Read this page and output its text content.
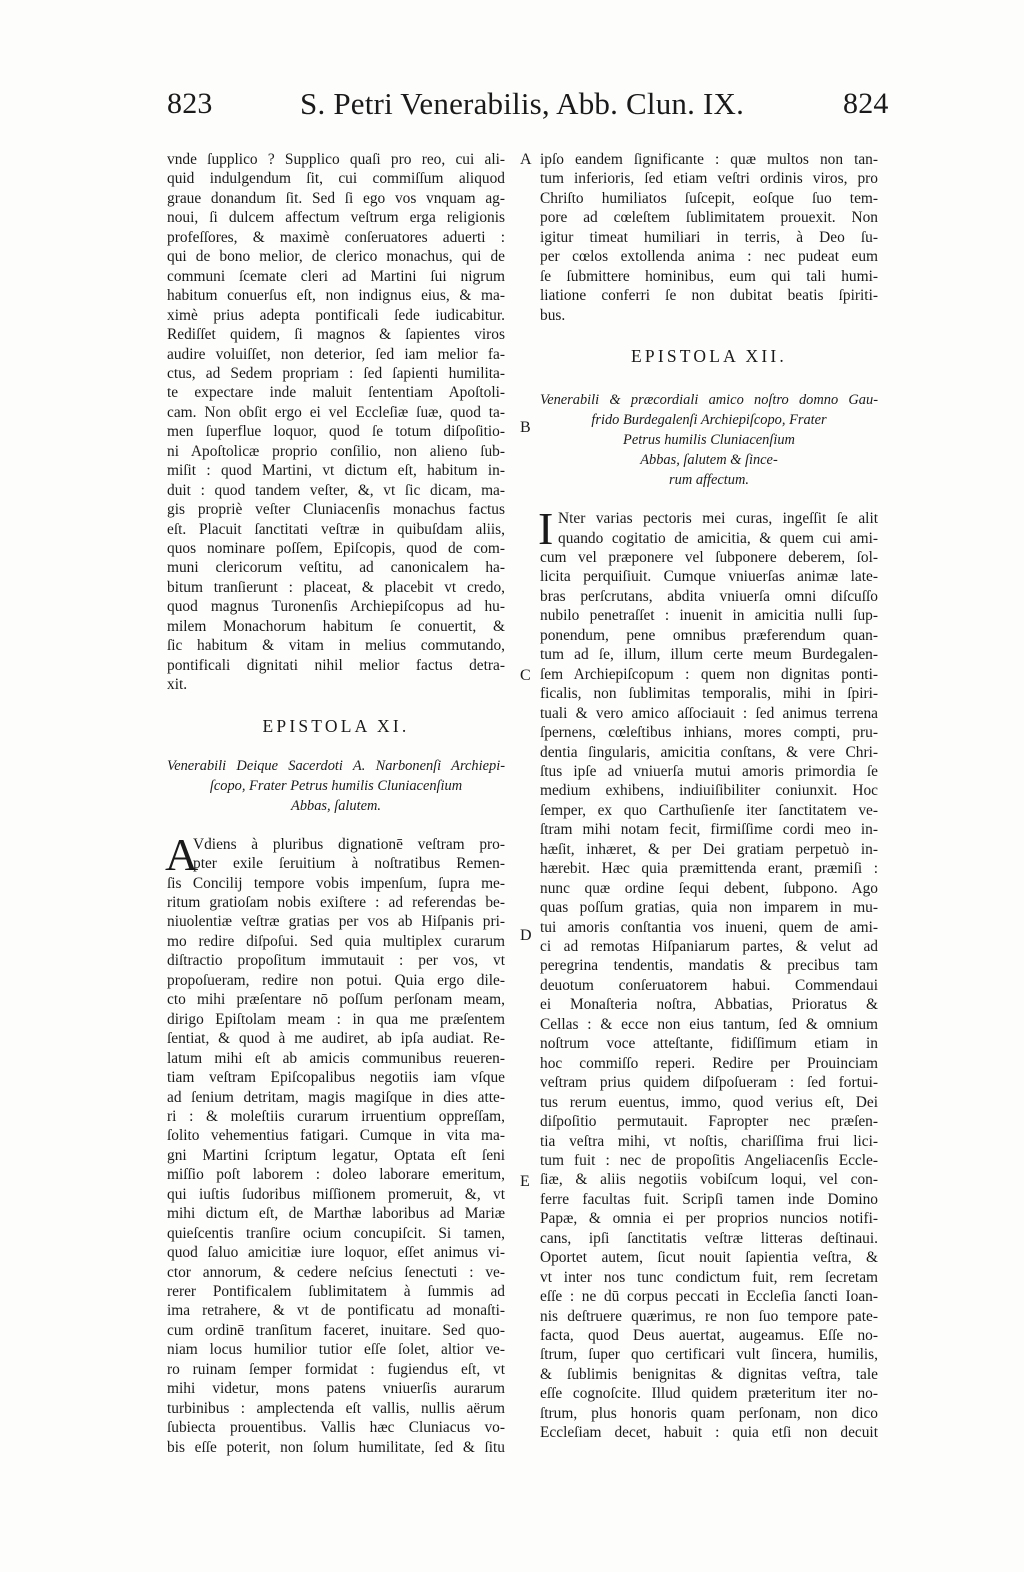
823	S. Petri Venerabilis, Abb. Clun. IX.	824
A
B
C
D
E
vnde ſupplico ? Supplico quaſi pro reo, cui ali-
quid indulgendum ſit, cui commiſſum aliquod
graue donandum ſit. Sed ſi ego vos vnquam ag-
noui, ſi dulcem affectum veſtrum erga religionis
profeſſores, & maximè conſeruatores aduerti :
qui de bono melior, de clerico monachus, qui de
communi ſcemate cleri ad Martini ſui nigrum
habitum conuerſus eſt, non indignus eius, & ma-
ximè prius adepta pontificali ſede iudicabitur.
Rediſſet quidem, ſi magnos & ſapientes viros
audire voluiſſet, non deterior, ſed iam melior fa-
ctus, ad Sedem propriam : ſed ſapienti humilita-
te expectare inde maluit ſententiam Apoſtoli-
cam. Non obſit ergo ei vel Eccleſiæ ſuæ, quod ta-
men ſuperflue loquor, quod ſe totum diſpoſitio-
ni Apoſtolicæ proprio conſilio, non alieno ſub-
miſit : quod Martini, vt dictum eſt, habitum in-
duit : quod tandem veſter, &, vt ſic dicam, ma-
gis propriè veſter Cluniacenſis monachus factus
eſt. Placuit ſanctitati veſtræ in quibuſdam aliis,
quos nominare poſſem, Epiſcopis, quod de com-
muni clericorum veſtitu, ad canonicalem ha-
bitum tranſierunt : placeat, & placebit vt credo,
quod magnus Turonenſis Archiepiſcopus ad hu-
milem Monachorum habitum ſe conuertit, &
ſic habitum & vitam in melius commutando,
pontificali dignitati nihil melior factus detra-
xit.
EPISTOLA XI.
Venerabili Deique Sacerdoti A. Narbonenſi Archiepi-
ſcopo, Frater Petrus humilis Cluniacenſium
Abbas, ſalutem.
A
Vdiens à pluribus dignationē veſtram pro-
pter exile ſeruitium à noſtratibus Remen-
ſis Concilij tempore vobis impenſum, ſupra me-
ritum gratioſam nobis exiſtere : ad referendas be-
niuolentiæ veſtræ gratias per vos ab Hiſpanis pri-
mo redire diſpoſui. Sed quia multiplex curarum
diſtractio propoſitum immutauit : per vos, vt
propoſueram, redire non potui. Quia ergo dile-
cto mihi præſentare nō poſſum perſonam meam,
dirigo Epiſtolam meam : in qua me præſentem
ſentiat, & quod à me audiret, ab ipſa audiat. Re-
latum mihi eſt ab amicis communibus reueren-
tiam veſtram Epiſcopalibus negotiis iam vſque
ad ſenium detritam, magis magiſque in dies atte-
ri : & moleſtiis curarum irruentium oppreſſam,
ſolito vehementius fatigari. Cumque in vita ma-
gni Martini ſcriptum legatur, Optata eſt ſeni
miſſio poſt laborem : doleo laborare emeritum,
qui iuſtis ſudoribus miſſionem promeruit, &, vt
mihi dictum eſt, de Marthæ laboribus ad Mariæ
quieſcentis tranſire ocium concupiſcit. Si tamen,
quod ſaluo amicitiæ iure loquor, eſſet animus vi-
ctor annorum, & cedere neſcius ſenectuti : ve-
rerer Pontificalem ſublimitatem à ſummis ad
ima retrahere, & vt de pontificatu ad monaſti-
cum ordinē tranſitum faceret, inuitare. Sed quo-
niam locus humilior tutior eſſe ſolet, altior ve-
ro ruinam ſemper formidat : fugiendus eſt, vt
mihi videtur, mons patens vniuerſis aurarum
turbinibus : amplectenda eſt vallis, nullis aërum
ſubiecta prouentibus. Vallis hæc Cluniacus vo-
bis eſſe poterit, non ſolum humilitate, ſed & ſitu
ipſo eandem ſignificante : quæ multos non tan-
tum inferioris, ſed etiam veſtri ordinis viros, pro
Chriſto humiliatos ſuſcepit, eoſque ſuo tem-
pore ad cœleſtem ſublimitatem prouexit. Non
igitur timeat humiliari in terris, à Deo ſu-
per cœlos extollenda anima : nec pudeat eum
ſe ſubmittere hominibus, eum qui tali humi-
liatione conferri ſe non dubitat beatis ſpiriti-
bus.
EPISTOLA XII.
Venerabili & præcordiali amico noſtro domno Gau-
frido Burdegalenſi Archiepiſcopo, Frater
Petrus humilis Cluniacenſium
Abbas, ſalutem & ſince-
rum affectum.
I Nter varias pectoris mei curas, ingeſſit ſe alit
quando cogitatio de amicitia, & quem cui ami-
cum vel præponere vel ſubponere deberem, ſol-
licita perquiſiuit. Cumque vniuerſas animæ late-
bras perſcrutans, abdita vniuerſa omni diſcuſſo
nubilo penetraſſet : inuenit in amicitia nulli ſup-
ponendum, pene omnibus præferendum quan-
tum ad ſe, illum, illum certe meum Burdegalen-
ſem Archiepiſcopum : quem non dignitas ponti-
ficalis, non ſublimitas temporalis, mihi in ſpiri-
tuali & vero amico aſſociauit : ſed animus terrena
ſpernens, cœleſtibus inhians, mores compti, pru-
dentia ſingularis, amicitia conſtans, & vere Chri-
ſtus ipſe ad vniuerſa mutui amoris primordia ſe
medium exhibens, indiuiſibiliter coniunxit. Hoc
ſemper, ex quo Carthuſienſe iter ſanctitatem ve-
ſtram mihi notam fecit, firmiſſime cordi meo in-
hæſit, inhæret, & per Dei gratiam perpetuò in-
hærebit. Hæc quia præmittenda erant, præmiſi :
nunc quæ ordine ſequi debent, ſubpono. Ago
quas poſſum gratias, quia non imparem in mu-
tui amoris conſtantia vos inueni, quem de ami-
ci ad remotas Hiſpaniarum partes, & velut ad
peregrina tendentis, mandatis & precibus tam
deuotum conſeruatorem habui. Commendaui
ei Monaſteria noſtra, Abbatias, Prioratus &
Cellas : & ecce non eius tantum, ſed & omnium
noſtrum voce atteſtante, fidiſſimum etiam in
hoc commiſſo reperi. Redire per Prouinciam
veſtram prius quidem diſpoſueram : ſed fortui-
tus rerum euentus, immo, quod verius eſt, Dei
diſpoſitio permutauit. Fapropter nec præſen-
tia veſtra mihi, vt noſtis, chariſſima frui lici-
tum fuit : nec de propoſitis Angeliacenſis Eccle-
ſiæ, & aliis negotiis vobiſcum loqui, vel con-
ferre facultas fuit. Scripſi tamen inde Domino
Papæ, & omnia ei per proprios nuncios notifi-
cans, ipſi ſanctitatis veſtræ litteras deſtinaui.
Oportet autem, ſicut nouit ſapientia veſtra, &
vt inter nos tunc condictum fuit, rem ſecretam
eſſe : ne dū corpus peccati in Eccleſia ſancti Ioan-
nis deſtruere quærimus, re non ſuo tempore pate-
facta, quod Deus auertat, augeamus. Eſſe no-
ſtrum, ſuper quo certificari vult ſincera, humilis,
& ſublimis benignitas & dignitas veſtra, tale
eſſe cognoſcite. Illud quidem præteritum iter no-
ſtrum, plus honoris quam perſonam, non dico
Eccleſiam decet, habuit : quia etſi non decuit
